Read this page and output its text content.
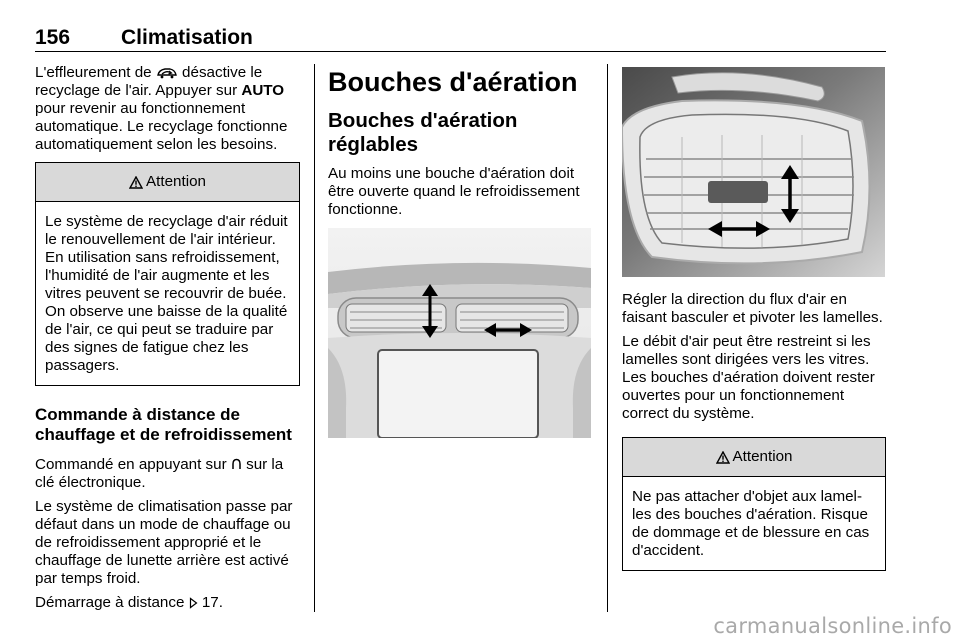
156 Climatisation
L'effleurement de  désactive le recyclage de l'air. Appuyer sur AUTO pour revenir au fonctionnement automatique. Le recyclage fonctionne automatiquement selon les besoins.
Attention
Le système de recyclage d'air réduit le renouvellement de l'air intérieur. En utilisation sans refroidissement, l'humidité de l'air augmente et les vitres peuvent se recouvrir de buée. On observe une baisse de la qualité de l'air, ce qui peut se traduire par des signes de fatigue chez les passagers.
Commande à distance de chauffage et de refroidissement
Commandé en appuyant sur  sur la clé électronique.
Le système de climatisation passe par défaut dans un mode de chauffage ou de refroidissement approprié et le chauffage de lunette arrière est activé par temps froid.
Démarrage à distance  17.
Bouches d'aération
Bouches d'aération réglables
Au moins une bouche d'aération doit être ouverte quand le refroidissement fonctionne.
Régler la direction du flux d'air en faisant basculer et pivoter les lamelles.
Le débit d'air peut être restreint si les lamelles sont dirigées vers les vitres. Les bouches d'aération doivent rester ouvertes pour un fonctionnement correct du système.
Attention
Ne pas attacher d'objet aux lamelles des bouches d'aération. Risque de dommage et de blessure en cas d'accident.
carmanualsonline.info
